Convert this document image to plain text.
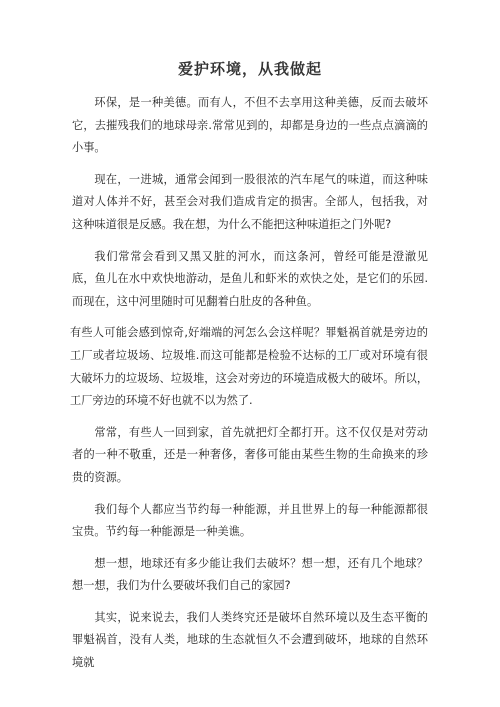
爱护环境，从我做起

环保，是一种美德。而有人，不但不去享用这种美德，反而去破坏它，去摧残我们的地球母亲.常常见到的，却都是身边的一些点点滴滴的小事。

现在，一进城，通常会闻到一股很浓的汽车尾气的味道，而这种味道对人体并不好，甚至会对我们造成肯定的损害。全部人，包括我，对这种味道很是反感。我在想，为什么不能把这种味道拒之门外呢?

我们常常会看到又黑又脏的河水，而这条河，曾经可能是澄澈见底，鱼儿在水中欢快地游动，是鱼儿和虾米的欢快之处，是它们的乐园.而现在，这中河里随时可见翻着白肚皮的各种鱼。

有些人可能会感到惊奇,好端端的河怎么会这样呢？罪魁祸首就是旁边的工厂或者垃圾场、垃圾堆.而这可能都是检验不达标的工厂或对环境有很大破坏力的垃圾场、垃圾堆，这会对旁边的环境造成极大的破坏。所以，工厂旁边的环境不好也就不以为然了.

常常，有些人一回到家，首先就把灯全都打开。这不仅仅是对劳动者的一种不敬重，还是一种奢侈，奢侈可能由某些生物的生命换来的珍贵的资源。

我们每个人都应当节约每一种能源，并且世界上的每一种能源都很宝贵。节约每一种能源是一种美谯。

想一想，地球还有多少能让我们去破坏？想一想，还有几个地球？想一想，我们为什么要破坏我们自己的家园?

其实，说来说去，我们人类终究还是破坏自然环境以及生态平衡的罪魁祸首，没有人类，地球的生态就恒久不会遭到破坏，地球的自然环境就
